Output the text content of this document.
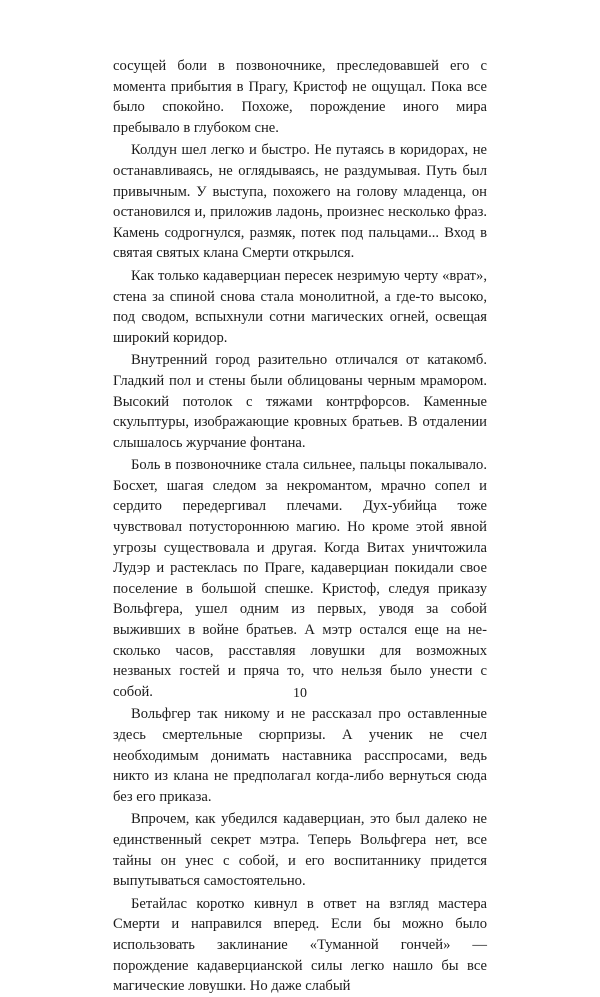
сосущей боли в позвоночнике, преследовавшей его с момента прибытия в Прагу, Кристоф не ощущал. Пока все было спокойно. Похоже, порождение иного мира пребывало в глубоком сне.

Колдун шел легко и быстро. Не путаясь в коридорах, не останавливаясь, не оглядываясь, не раздумывая. Путь был привычным. У выступа, похожего на голову младенца, он остановился и, приложив ладонь, произнес несколько фраз. Камень содрогнулся, размяк, потек под пальцами... Вход в святая святых клана Смерти открылся.

Как только кадаверциан пересек незримую черту «врат», стена за спиной снова стала монолитной, а где-то высоко, под сводом, вспыхнули сотни магических огней, освещая широкий коридор.

Внутренний город разительно отличался от катакомб. Гладкий пол и стены были облицованы черным мрамором. Высокий потолок с тяжами контрфорсов. Каменные скульптуры, изображающие кровных братьев. В отдалении слышалось журчание фонтана.

Боль в позвоночнике стала сильнее, пальцы покалывало. Босхет, шагая следом за некромантом, мрачно сопел и сердито передергивал плечами. Дух-убийца тоже чувствовал потустороннюю магию. Но кроме этой явной угрозы существовала и другая. Когда Витах уничтожила Лудэр и растеклась по Праге, кадаверциан покидали свое поселение в большой спешке. Кристоф, следуя приказу Вольфгера, ушел одним из первых, уводя за собой выживших в войне братьев. А мэтр остался еще на несколько часов, расставляя ловушки для возможных незваных гостей и пряча то, что нельзя было унести с собой.

Вольфгер так никому и не рассказал про оставленные здесь смертельные сюрпризы. А ученик не счел необходимым донимать наставника расспросами, ведь никто из клана не предполагал когда-либо вернуться сюда без его приказа.

Впрочем, как убедился кадаверциан, это был далеко не единственный секрет мэтра. Теперь Вольфгера нет, все тайны он унес с собой, и его воспитаннику придется выпутываться самостоятельно.

Бетайлас коротко кивнул в ответ на взгляд мастера Смерти и направился вперед. Если бы можно было использовать заклинание «Туманной гончей» — порождение кадаверцианской силы легко нашло бы все магические ловушки. Но даже слабый

10
